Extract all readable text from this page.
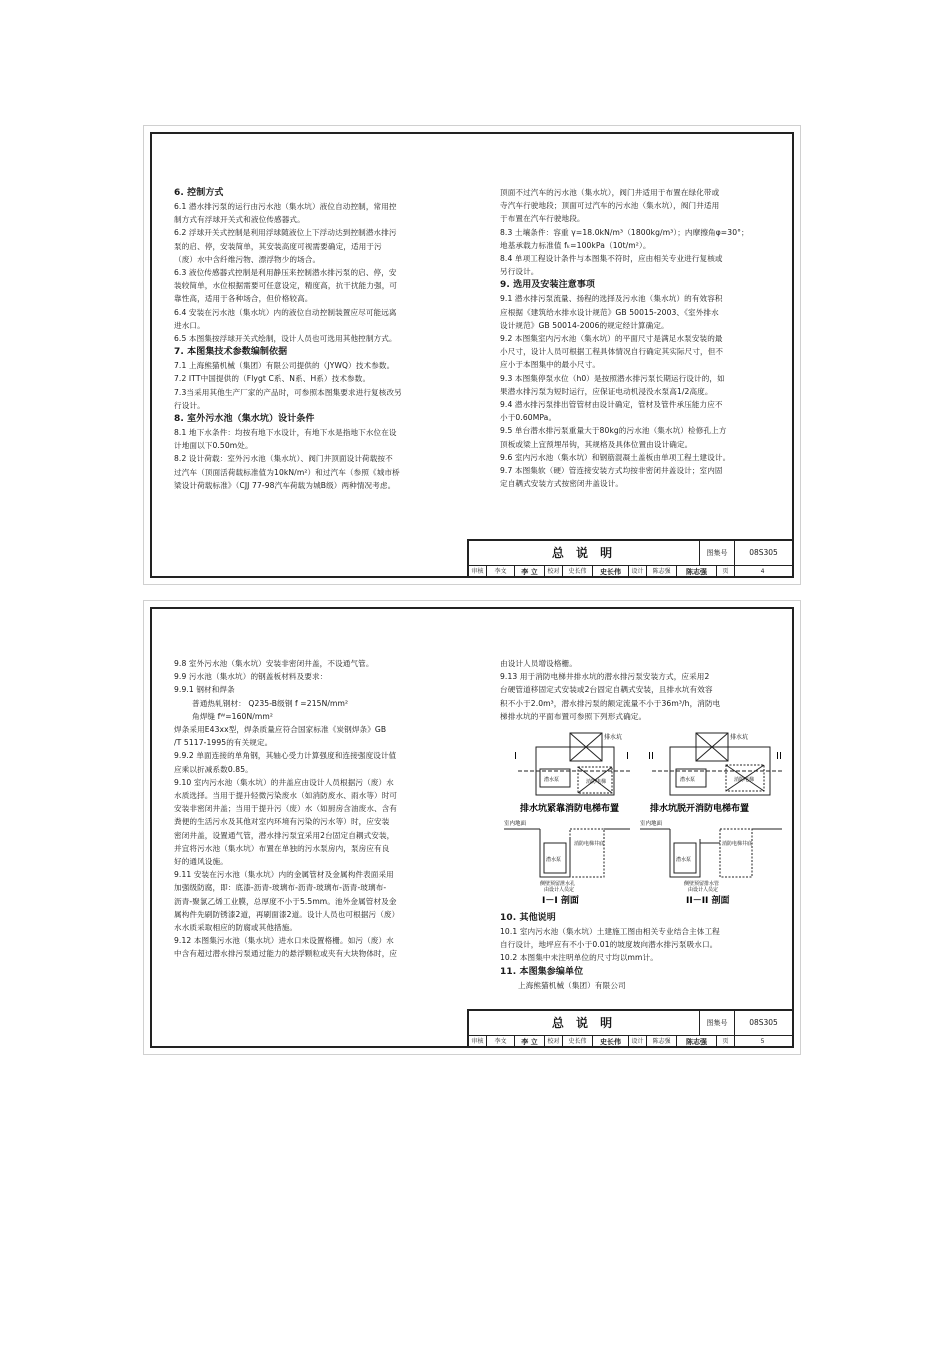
6. 控制方式

6.1 潜水排污泵的运行由污水池（集水坑）液位自动控制，常用控

制方式有浮球开关式和液位传感器式。

6.2 浮球开关式控制是利用浮球随液位上下浮动达到控制潜水排污

泵的启、停，安装简单，其安装高度可视需要确定，适用于污

（废）水中含纤维污物、漂浮物少的场合。

6.3 液位传感器式控制是利用静压来控制潜水排污泵的启、停，安

装较简单，水位根据需要可任意设定，精度高，抗干扰能力强，可

靠性高，适用于各种场合，但价格较高。

6.4 安装在污水池（集水坑）内的液位自动控制装置应尽可能远离

进水口。

6.5 本图集按浮球开关式绘制，设计人员也可选用其他控制方式。

7. 本图集技术参数编制依据

7.1 上海熊猫机械（集团）有限公司提供的（JYWQ）技术参数。

7.2 ITT中国提供的（Flygt C系、N系、H系）技术参数。

7.3当采用其他生产厂家的产品时，可参照本图集要求进行复核改另

行设计。

8. 室外污水池（集水坑）设计条件

8.1 地下水条件：均按有地下水设计，有地下水是指地下水位在设

计地面以下0.50m处。

8.2 设计荷载：室外污水池（集水坑）、阀门井顶面设计荷载按不

过汽车（顶面活荷载标准值为10kN/m²）和过汽车（参照《城市桥

梁设计荷载标准》（CJJ 77-98汽车荷载为城B级）两种情况考虑。

顶面不过汽车的污水池（集水坑），阀门井适用于布置在绿化带或

寺汽车行驶地段；顶面可过汽车的污水池（集水坑），阀门井适用

于布置在汽车行驶地段。

8.3 土壤条件：容重 γ=18.0kN/m³（1800kg/m³）；内摩擦角φ=30°；

地基承载力标准值 fₖ=100kPa（10t/m²）。

8.4 单项工程设计条件与本图集不符时，应由相关专业进行复核或

另行设计。

9. 选用及安装注意事项

9.1 潜水排污泵流量、扬程的选择及污水池（集水坑）的有效容积

应根据《建筑给水排水设计规范》GB 50015-2003、《室外排水

设计规范》GB 50014-2006的规定经计算确定。

9.2 本图集室内污水池（集水坑）的平面尺寸是满足水泵安装的最

小尺寸，设计人员可根据工程具体情况自行确定其实际尺寸，但不

应小于本图集中的最小尺寸。

9.3 本图集停泵水位（h0）是按照潜水排污泵长期运行设计的，如

果潜水排污泵为短时运行，应保证电动机浸没水泵高1/2高度。

9.4 潜水排污泵排出管管材由设计确定，管材及管件承压能力应不

小于0.60MPa。

9.5 单台潜水排污泵重量大于80kg的污水池（集水坑）检修孔上方

顶板或梁上宜预埋吊钩，其规格及具体位置由设计确定。

9.6 室内污水池（集水坑）和钢筋混凝土盖板由单项工程土建设计。

9.7 本图集软（硬）管连接安装方式均按非密闭井盖设计；室内固

定自耦式安装方式按密闭井盖设计。

总 说 明	图集号	08S305
审核	李文	李 立	校对	史长伟	史长伟	设计	陈志强	陈志强	页	4

9.8 室外污水池（集水坑）安装非密闭井盖，不设通气管。

9.9 污水池（集水坑）的钢盖板材料及要求：

9.9.1 钢材和焊条

普通热轧钢材： Q235-B级钢 f =215N/mm²

角焊缝 fᵂ=160N/mm²

焊条采用E43xx型，焊条质量应符合国家标准《炭钢焊条》GB

/T 5117-1995的有关规定。

9.9.2 单面连接的单角钢，其轴心受力计算强度和连接强度设计值

应乘以折减系数0.85。

9.10 室内污水池（集水坑）的井盖应由设计人员根据污（废）水

水质选择。当用于提升轻微污染废水（如消防废水、雨水等）时可

安装非密闭井盖；当用于提升污（废）水（如厨房含油废水、含有

粪便的生活污水及其他对室内环境有污染的污水等）时，应安装

密闭井盖，设置通气管，潜水排污泵宜采用2台固定自耦式安装，

并宜将污水池（集水坑）布置在单独的污水泵房内，泵房应有良

好的通风设施。

9.11 安装在污水池（集水坑）内的金属管材及金属构件表面采用

加强级防腐，即：底漆-沥青-玻璃布-沥青-玻璃布-沥青-玻璃布-

沥青-聚氯乙烯工业膜，总厚度不小于5.5mm。池外金属管材及金

属构件先刷防锈漆2道，再刷面漆2道。设计人员也可根据污（废）

水水质采取相应的防腐或其他措施。

9.12 本图集污水池（集水坑）进水口未设置格栅。如污（废）水

中含有超过潜水排污泵通过能力的悬浮颗粒或夹有大块物体时，应

由设计人员增设格栅。

9.13 用于消防电梯井排水坑的潜水排污泵安装方式，应采用2

台硬管道移固定式安装或2台固定自耦式安装，且排水坑有效容

积不小于2.0m³，潜水排污泵的额定流量不小于36m³/h，消防电

梯排水坑的平面布置可参照下列形式确定。

I	I II	II
排水坑	排水坑
消防电梯	消防电梯
潜水泵	潜水泵
排水坑紧靠消防电梯布置	排水坑脱开消防电梯布置
室内地面	室内地面
消防电梯井底	消防电梯井底
潜水泵	潜水泵
侧壁预留泄水孔
由设计人员定
侧壁预留排水管
由设计人员定
I－I 剖面	II－II 剖面

10. 其他说明

10.1 室内污水池（集水坑）土建施工图由相关专业结合主体工程

自行设计，地坪应有不小于0.01的坡度坡向潜水排污泵吸水口。

10.2 本图集中未注明单位的尺寸均以mm计。

11. 本图集参编单位

上海熊猫机械（集团）有限公司

总 说 明	图集号	08S305
审核	李文	李 立	校对	史长伟	史长伟	设计	陈志强	陈志强	页	5
